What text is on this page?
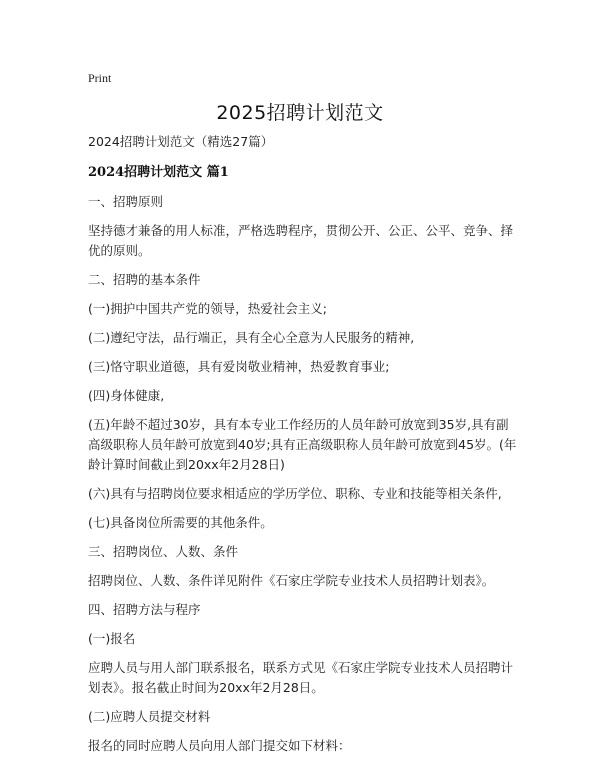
Print
2025招聘计划范文

2024招聘计划范文（精选27篇）

2024招聘计划范文 篇1

一、招聘原则

坚持德才兼备的用人标准，严格选聘程序，贯彻公开、公正、公平、竞争、择优的原则。

二、招聘的基本条件

(一)拥护中国共产党的领导，热爱社会主义;

(二)遵纪守法，品行端正，具有全心全意为人民服务的精神,

(三)恪守职业道德，具有爱岗敬业精神，热爱教育事业;

(四)身体健康,

(五)年龄不超过30岁，具有本专业工作经历的人员年龄可放宽到35岁,具有副高级职称人员年龄可放宽到40岁;具有正高级职称人员年龄可放宽到45岁。(年龄计算时间截止到20xx年2月28日)

(六)具有与招聘岗位要求相适应的学历学位、职称、专业和技能等相关条件,

(七)具备岗位所需要的其他条件。

三、招聘岗位、人数、条件

招聘岗位、人数、条件详见附件《石家庄学院专业技术人员招聘计划表》。

四、招聘方法与程序

(一)报名

应聘人员与用人部门联系报名，联系方式见《石家庄学院专业技术人员招聘计划表》。报名截止时间为20xx年2月28日。

(二)应聘人员提交材料

报名的同时应聘人员向用人部门提交如下材料：
